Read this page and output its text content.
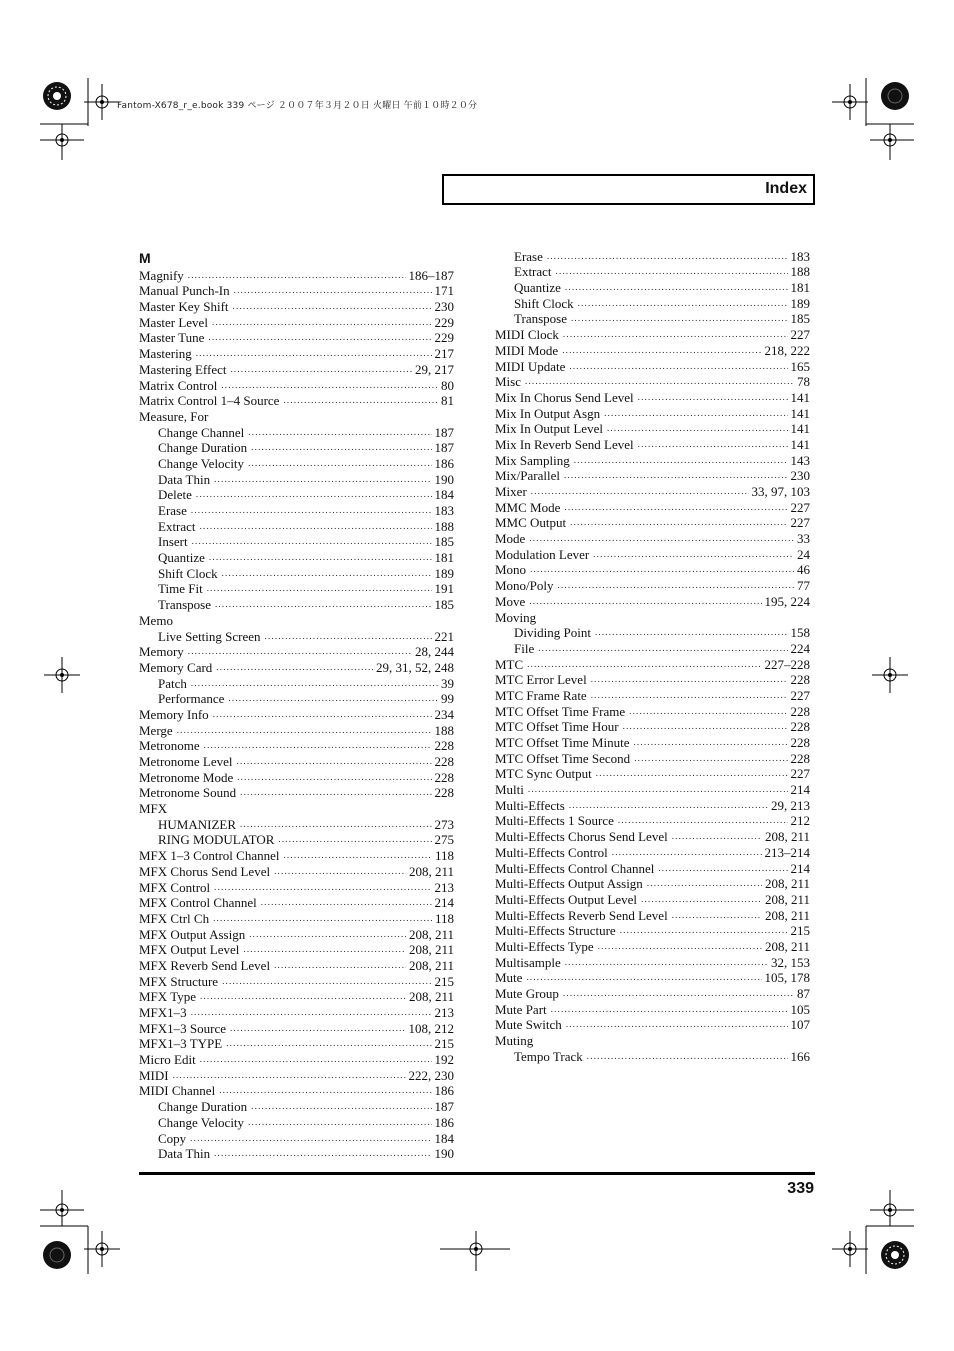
Fantom-X678_r_e.book 339 ページ ２００７年３月２０日 火曜日 午前１０時２０分
Index
M
Magnify .....	186–187
Manual Punch-In .....	171
Master Key Shift .....	230
Master Level .....	229
Master Tune .....	229
Mastering .....	217
Mastering Effect .....	29, 217
Matrix Control .....	80
Matrix Control 1–4 Source .....	81
Measure, For
Change Channel .....	187
Change Duration .....	187
Change Velocity .....	186
Data Thin .....	190
Delete .....	184
Erase .....	183
Extract .....	188
Insert .....	185
Quantize .....	181
Shift Clock .....	189
Time Fit .....	191
Transpose .....	185
Memo
Live Setting Screen .....	221
Memory .....	28, 244
Memory Card .....	29, 31, 52, 248
Patch .....	39
Performance .....	99
Memory Info .....	234
Merge .....	188
Metronome .....	228
Metronome Level .....	228
Metronome Mode .....	228
Metronome Sound .....	228
MFX
HUMANIZER .....	273
RING MODULATOR .....	275
MFX 1–3 Control Channel .....	118
MFX Chorus Send Level .....	208, 211
MFX Control .....	213
MFX Control Channel .....	214
MFX Ctrl Ch .....	118
MFX Output Assign .....	208, 211
MFX Output Level .....	208, 211
MFX Reverb Send Level .....	208, 211
MFX Structure .....	215
MFX Type .....	208, 211
MFX1–3 .....	213
MFX1–3 Source .....	108, 212
MFX1–3 TYPE .....	215
Micro Edit .....	192
MIDI .....	222, 230
MIDI Channel .....	186
Change Duration .....	187
Change Velocity .....	186
Copy .....	184
Data Thin .....	190
Erase .....	183
Extract .....	188
Quantize .....	181
Shift Clock .....	189
Transpose .....	185
MIDI Clock .....	227
MIDI Mode .....	218, 222
MIDI Update .....	165
Misc .....	78
Mix In Chorus Send Level .....	141
Mix In Output Asgn .....	141
Mix In Output Level .....	141
Mix In Reverb Send Level .....	141
Mix Sampling .....	143
Mix/Parallel .....	230
Mixer .....	33, 97, 103
MMC Mode .....	227
MMC Output .....	227
Mode .....	33
Modulation Lever .....	24
Mono .....	46
Mono/Poly .....	77
Move .....	195, 224
Moving
Dividing Point .....	158
File .....	224
MTC .....	227–228
MTC Error Level .....	228
MTC Frame Rate .....	227
MTC Offset Time Frame .....	228
MTC Offset Time Hour .....	228
MTC Offset Time Minute .....	228
MTC Offset Time Second .....	228
MTC Sync Output .....	227
Multi .....	214
Multi-Effects .....	29, 213
Multi-Effects 1 Source .....	212
Multi-Effects Chorus Send Level .....	208, 211
Multi-Effects Control .....	213–214
Multi-Effects Control Channel .....	214
Multi-Effects Output Assign .....	208, 211
Multi-Effects Output Level .....	208, 211
Multi-Effects Reverb Send Level .....	208, 211
Multi-Effects Structure .....	215
Multi-Effects Type .....	208, 211
Multisample .....	32, 153
Mute .....	105, 178
Mute Group .....	87
Mute Part .....	105
Mute Switch .....	107
Muting
Tempo Track .....	166
339
